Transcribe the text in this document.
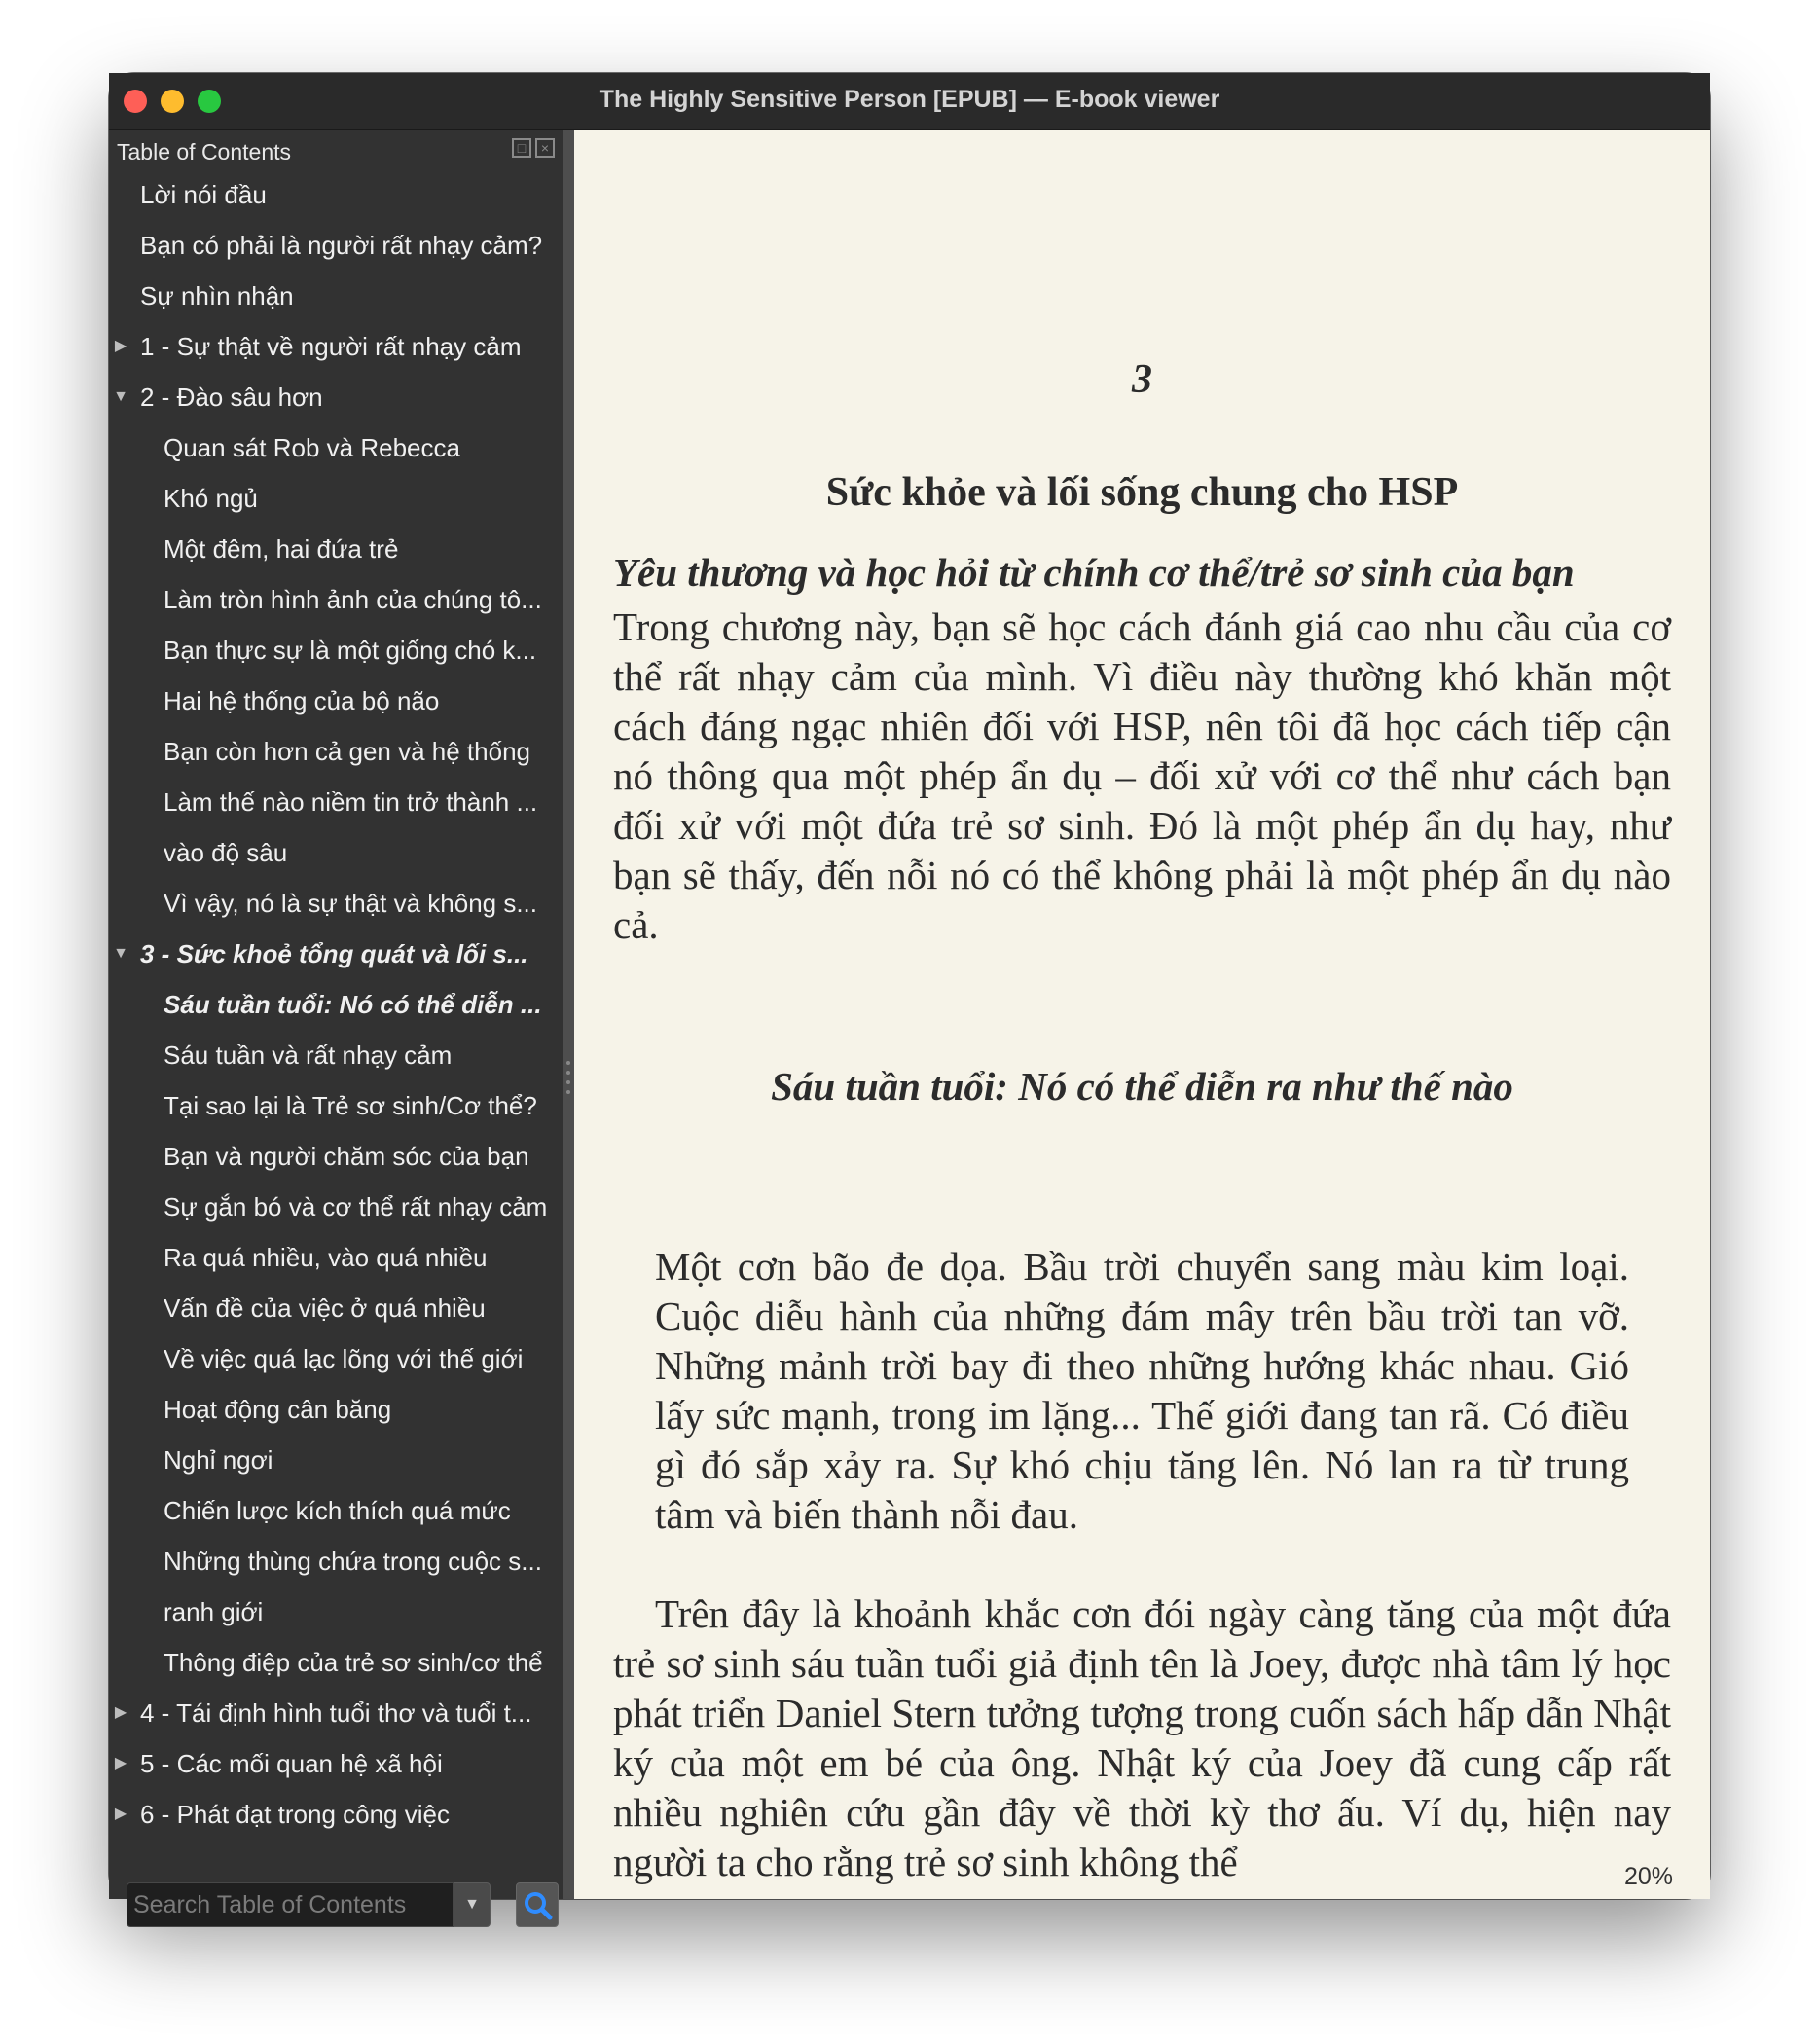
The Highly Sensitive Person [EPUB] — E-book viewer
Table of Contents	□	×
Lời nói đầu
Bạn có phải là người rất nhạy cảm?
Sự nhìn nhận
▶ 1 - Sự thật về người rất nhạy cảm
▼ 2 - Đào sâu hơn
Quan sát Rob và Rebecca
Khó ngủ
Một đêm, hai đứa trẻ
Làm tròn hình ảnh của chúng tô...
Bạn thực sự là một giống chó k...
Hai hệ thống của bộ não
Bạn còn hơn cả gen và hệ thống
Làm thế nào niềm tin trở thành ...
vào độ sâu
Vì vậy, nó là sự thật và không s...
▼ 3 - Sức khoẻ tổng quát và lối s...
Sáu tuần tuổi: Nó có thể diễn ...
Sáu tuần và rất nhạy cảm
Tại sao lại là Trẻ sơ sinh/Cơ thể?
Bạn và người chăm sóc của bạn
Sự gắn bó và cơ thể rất nhạy cảm
Ra quá nhiều, vào quá nhiều
Vấn đề của việc ở quá nhiều
Về việc quá lạc lõng với thế giới
Hoạt động cân băng
Nghỉ ngơi
Chiến lược kích thích quá mức
Những thùng chứa trong cuộc s...
ranh giới
Thông điệp của trẻ sơ sinh/cơ thể
▶ 4 - Tái định hình tuổi thơ và tuổi t...
▶ 5 - Các mối quan hệ xã hội
▶ 6 - Phát đạt trong công việc
Search Table of Contents
▼
3
Sức khỏe và lối sống chung cho HSP
Yêu thương và học hỏi từ chính cơ thể/trẻ sơ sinh của bạn

Trong chương này, bạn sẽ học cách đánh giá cao nhu cầu của cơ thể rất nhạy cảm của mình. Vì điều này thường khó khăn một cách đáng ngạc nhiên đối với HSP, nên tôi đã học cách tiếp cận nó thông qua một phép ẩn dụ – đối xử với cơ thể như cách bạn đối xử với một đứa trẻ sơ sinh. Đó là một phép ẩn dụ hay, như bạn sẽ thấy, đến nỗi nó có thể không phải là một phép ẩn dụ nào cả.

Sáu tuần tuổi: Nó có thể diễn ra như thế nào

Một cơn bão đe dọa. Bầu trời chuyển sang màu kim loại. Cuộc diễu hành của những đám mây trên bầu trời tan vỡ. Những mảnh trời bay đi theo những hướng khác nhau. Gió lấy sức mạnh, trong im lặng... Thế giới đang tan rã. Có điều gì đó sắp xảy ra. Sự khó chịu tăng lên. Nó lan ra từ trung tâm và biến thành nỗi đau.

Trên đây là khoảnh khắc cơn đói ngày càng tăng của một đứa trẻ sơ sinh sáu tuần tuổi giả định tên là Joey, được nhà tâm lý học phát triển Daniel Stern tưởng tượng trong cuốn sách hấp dẫn Nhật ký của một em bé của ông. Nhật ký của Joey đã cung cấp rất nhiều nghiên cứu gần đây về thời kỳ thơ ấu. Ví dụ, hiện nay người ta cho rằng trẻ sơ sinh không thể	20%
